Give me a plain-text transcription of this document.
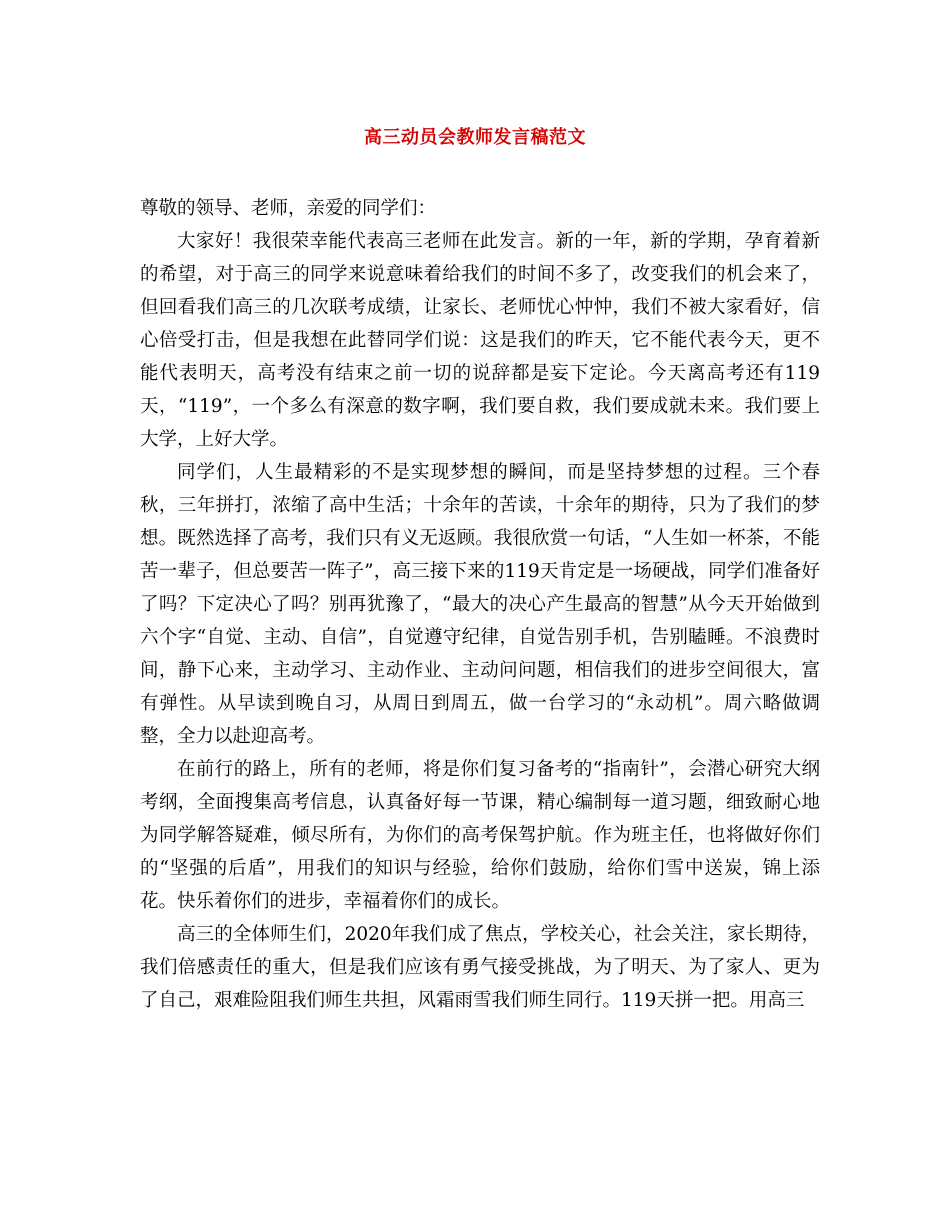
高三动员会教师发言稿范文

尊敬的领导、老师，亲爱的同学们：

大家好！我很荣幸能代表高三老师在此发言。新的一年，新的学期，孕育着新的希望，对于高三的同学来说意味着给我们的时间不多了，改变我们的机会来了，但回看我们高三的几次联考成绩，让家长、老师忧心忡忡，我们不被大家看好，信心倍受打击，但是我想在此替同学们说：这是我们的昨天，它不能代表今天，更不能代表明天，高考没有结束之前一切的说辞都是妄下定论。今天离高考还有119天，“119”，一个多么有深意的数字啊，我们要自救，我们要成就未来。我们要上大学，上好大学。

同学们，人生最精彩的不是实现梦想的瞬间，而是坚持梦想的过程。三个春秋，三年拼打，浓缩了高中生活；十余年的苦读，十余年的期待，只为了我们的梦想。既然选择了高考，我们只有义无返顾。我很欣赏一句话，“人生如一杯茶，不能苦一辈子，但总要苦一阵子”，高三接下来的119天肯定是一场硬战，同学们准备好了吗？下定决心了吗？别再犹豫了，“最大的决心产生最高的智慧”从今天开始做到六个字“自觉、主动、自信”，自觉遵守纪律，自觉告别手机，告别瞌睡。不浪费时间，静下心来，主动学习、主动作业、主动问问题，相信我们的进步空间很大，富有弹性。从早读到晚自习，从周日到周五，做一台学习的“永动机”。周六略做调整，全力以赴迎高考。

在前行的路上，所有的老师，将是你们复习备考的“指南针”，会潜心研究大纲考纲，全面搜集高考信息，认真备好每一节课，精心编制每一道习题，细致耐心地为同学解答疑难，倾尽所有，为你们的高考保驾护航。作为班主任，也将做好你们的“坚强的后盾”，用我们的知识与经验，给你们鼓励，给你们雪中送炭，锦上添花。快乐着你们的进步，幸福着你们的成长。

高三的全体师生们，2020年我们成了焦点，学校关心，社会关注，家长期待，我们倍感责任的重大，但是我们应该有勇气接受挑战，为了明天、为了家人、更为了自己，艰难险阻我们师生共担，风霜雨雪我们师生同行。119天拼一把。用高三
